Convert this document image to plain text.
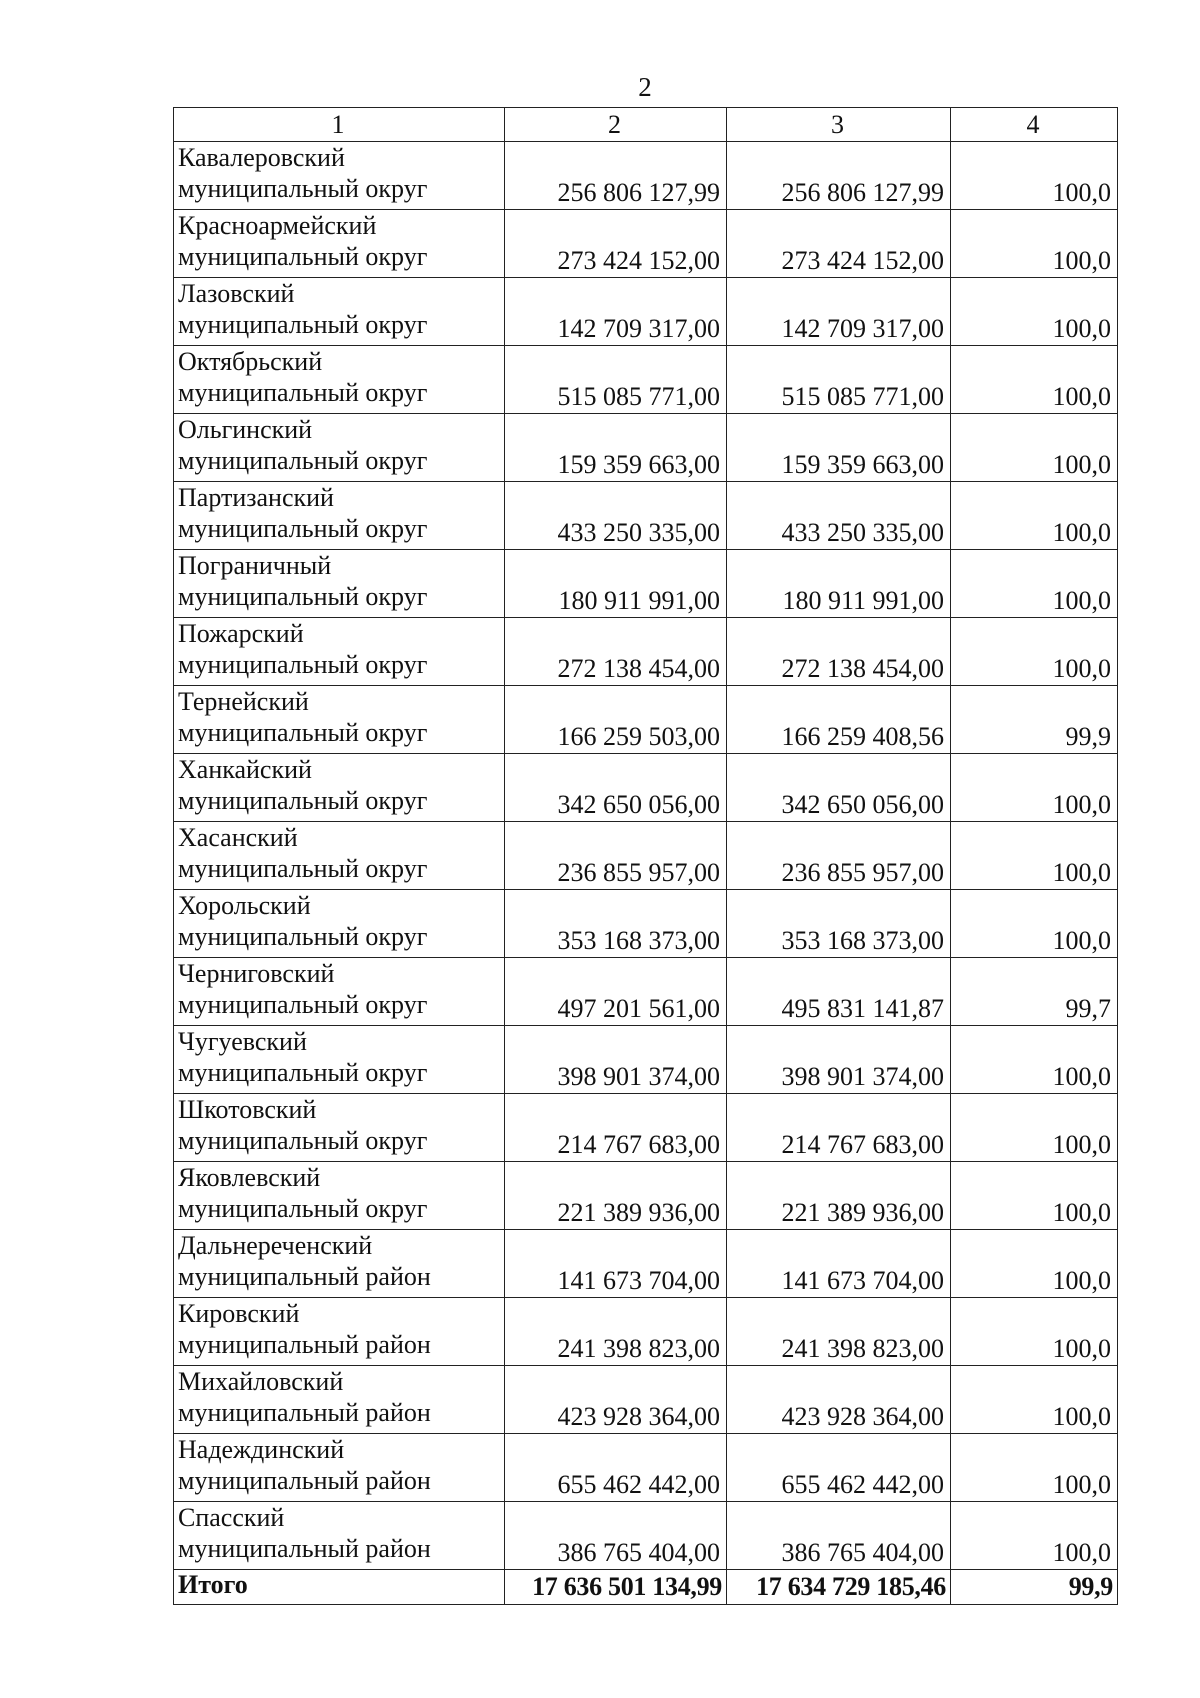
2
1	2	3	4

Кавалеровский
муниципальный округ	256 806 127,99	256 806 127,99	100,0

Красноармейский
муниципальный округ	273 424 152,00	273 424 152,00	100,0

Лазовский
муниципальный округ	142 709 317,00	142 709 317,00	100,0

Октябрьский
муниципальный округ	515 085 771,00	515 085 771,00	100,0

Ольгинский
муниципальный округ	159 359 663,00	159 359 663,00	100,0

Партизанский
муниципальный округ	433 250 335,00	433 250 335,00	100,0

Пограничный
муниципальный округ	180 911 991,00	180 911 991,00	100,0

Пожарский
муниципальный округ	272 138 454,00	272 138 454,00	100,0

Тернейский
муниципальный округ	166 259 503,00	166 259 408,56	99,9

Ханкайский
муниципальный округ	342 650 056,00	342 650 056,00	100,0

Хасанский
муниципальный округ	236 855 957,00	236 855 957,00	100,0

Хорольский
муниципальный округ	353 168 373,00	353 168 373,00	100,0

Черниговский
муниципальный округ	497 201 561,00	495 831 141,87	99,7

Чугуевский
муниципальный округ	398 901 374,00	398 901 374,00	100,0

Шкотовский
муниципальный округ	214 767 683,00	214 767 683,00	100,0

Яковлевский
муниципальный округ	221 389 936,00	221 389 936,00	100,0

Дальнереченский
муниципальный район	141 673 704,00	141 673 704,00	100,0

Кировский
муниципальный район	241 398 823,00	241 398 823,00	100,0

Михайловский
муниципальный район	423 928 364,00	423 928 364,00	100,0

Надеждинский
муниципальный район	655 462 442,00	655 462 442,00	100,0

Спасский
муниципальный район	386 765 404,00	386 765 404,00	100,0
Итого	17 636 501 134,99	17 634 729 185,46	99,9
